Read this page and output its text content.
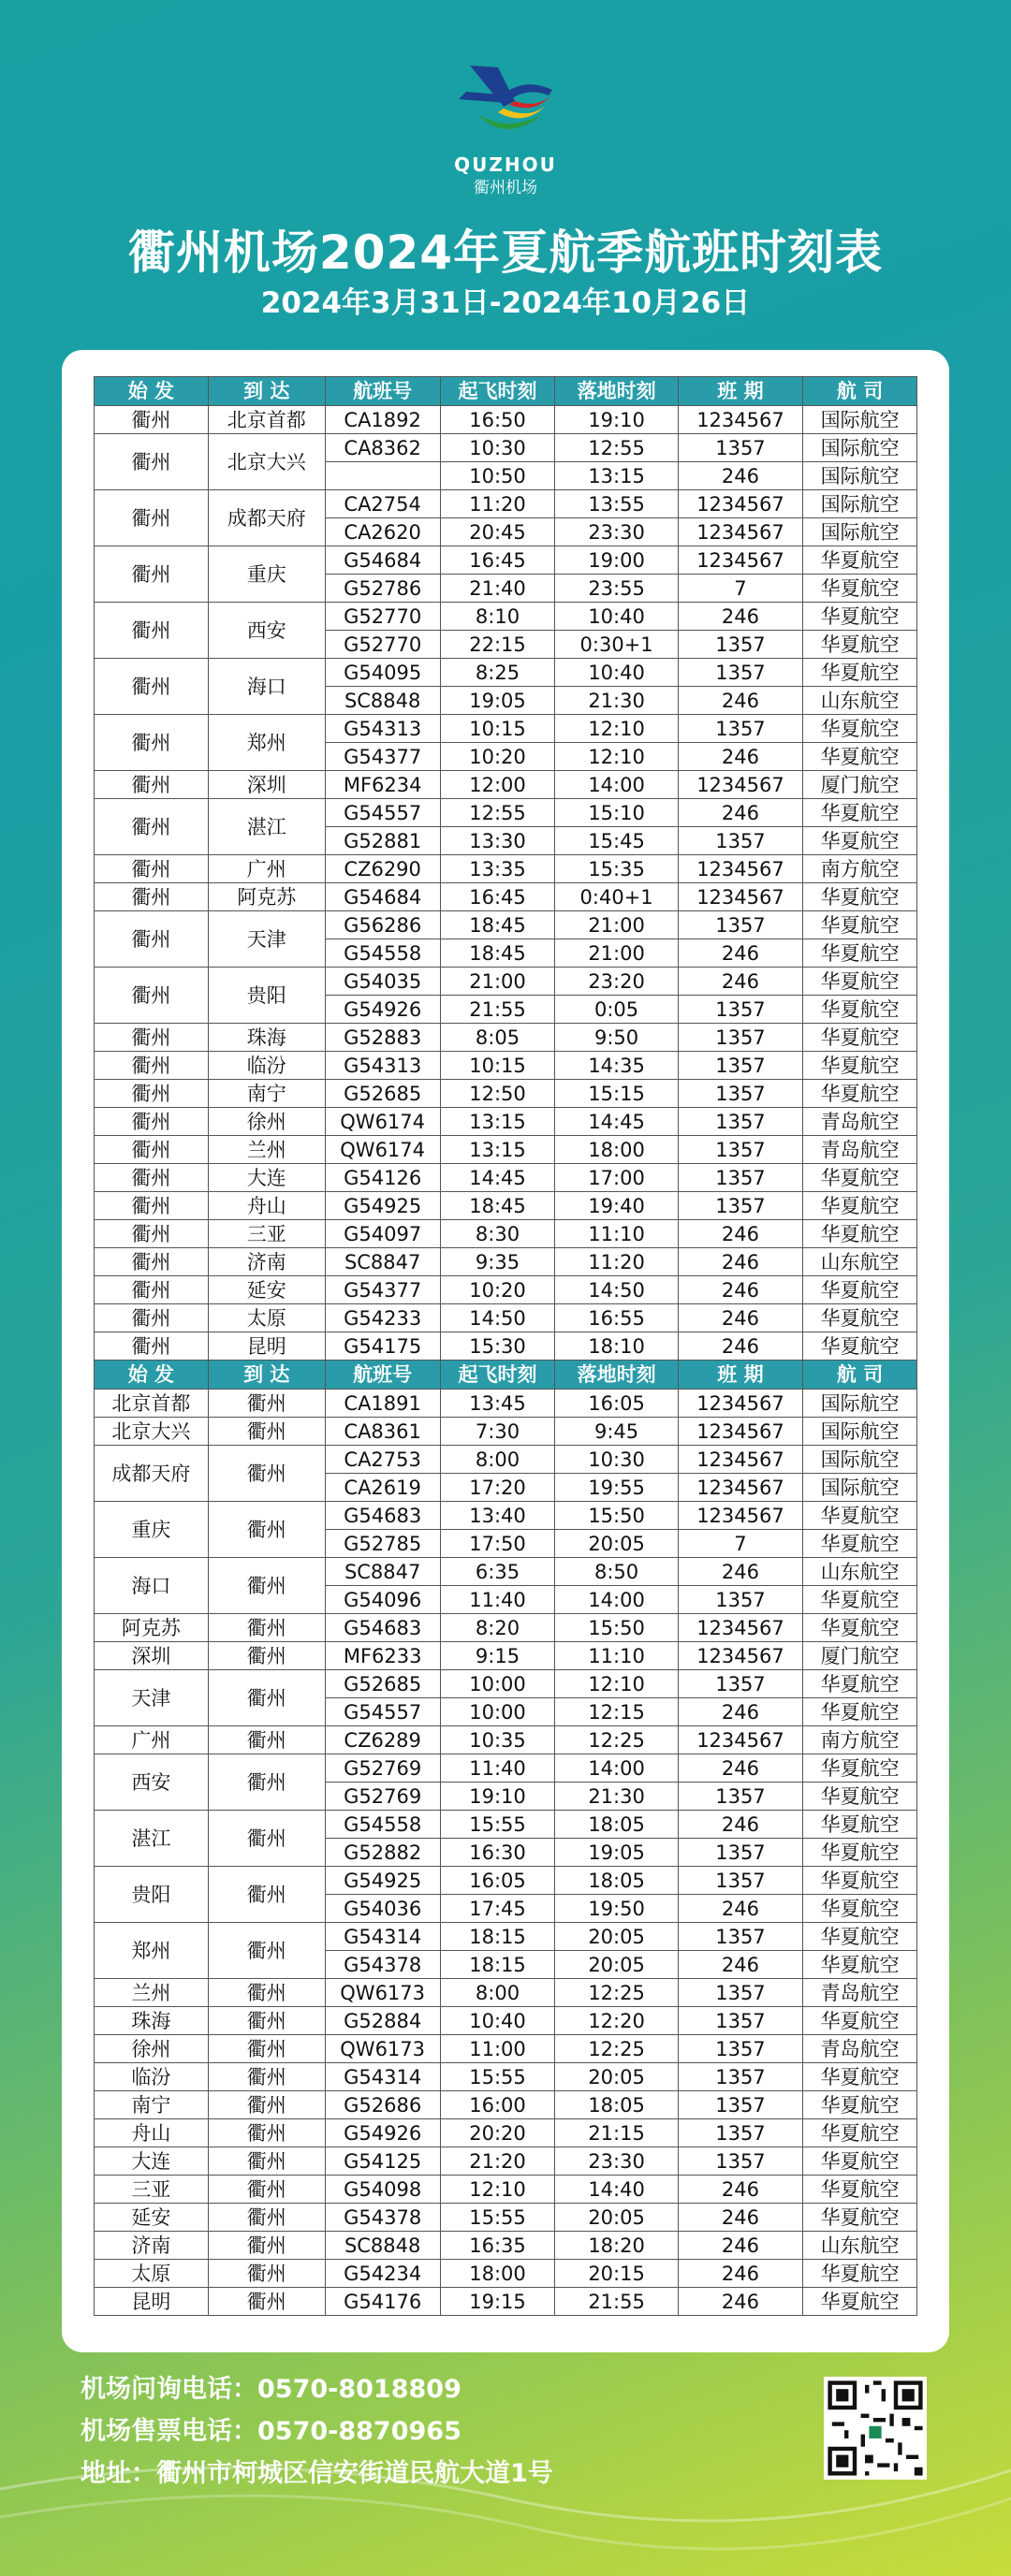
QUZHOU
衢州机场
衢州机场2024年夏航季航班时刻表
2024年3月31日-2024年10月26日
始 发	到 达	航班号	起飞时刻	落地时刻	班 期	航 司
衢州	北京首都	CA1892	16:50	19:10	1234567	国际航空
衢州	北京大兴	CA8362	10:30	12:55	1357	国际航空
			10:50	13:15	246	国际航空
衢州	成都天府	CA2754	11:20	13:55	1234567	国际航空
		CA2620	20:45	23:30	1234567	国际航空
衢州	重庆	G54684	16:45	19:00	1234567	华夏航空
		G52786	21:40	23:55	7	华夏航空
衢州	西安	G52770	8:10	10:40	246	华夏航空
		G52770	22:15	0:30+1	1357	华夏航空
衢州	海口	G54095	8:25	10:40	1357	华夏航空
		SC8848	19:05	21:30	246	山东航空
衢州	郑州	G54313	10:15	12:10	1357	华夏航空
		G54377	10:20	12:10	246	华夏航空
衢州	深圳	MF6234	12:00	14:00	1234567	厦门航空
衢州	湛江	G54557	12:55	15:10	246	华夏航空
		G52881	13:30	15:45	1357	华夏航空
衢州	广州	CZ6290	13:35	15:35	1234567	南方航空
衢州	阿克苏	G54684	16:45	0:40+1	1234567	华夏航空
衢州	天津	G56286	18:45	21:00	1357	华夏航空
		G54558	18:45	21:00	246	华夏航空
衢州	贵阳	G54035	21:00	23:20	246	华夏航空
		G54926	21:55	0:05	1357	华夏航空
衢州	珠海	G52883	8:05	9:50	1357	华夏航空
衢州	临汾	G54313	10:15	14:35	1357	华夏航空
衢州	南宁	G52685	12:50	15:15	1357	华夏航空
衢州	徐州	QW6174	13:15	14:45	1357	青岛航空
衢州	兰州	QW6174	13:15	18:00	1357	青岛航空
衢州	大连	G54126	14:45	17:00	1357	华夏航空
衢州	舟山	G54925	18:45	19:40	1357	华夏航空
衢州	三亚	G54097	8:30	11:10	246	华夏航空
衢州	济南	SC8847	9:35	11:20	246	山东航空
衢州	延安	G54377	10:20	14:50	246	华夏航空
衢州	太原	G54233	14:50	16:55	246	华夏航空
衢州	昆明	G54175	15:30	18:10	246	华夏航空
始 发	到 达	航班号	起飞时刻	落地时刻	班 期	航 司
北京首都	衢州	CA1891	13:45	16:05	1234567	国际航空
北京大兴	衢州	CA8361	7:30	9:45	1234567	国际航空
成都天府	衢州	CA2753	8:00	10:30	1234567	国际航空
		CA2619	17:20	19:55	1234567	国际航空
重庆	衢州	G54683	13:40	15:50	1234567	华夏航空
		G52785	17:50	20:05	7	华夏航空
海口	衢州	SC8847	6:35	8:50	246	山东航空
		G54096	11:40	14:00	1357	华夏航空
阿克苏	衢州	G54683	8:20	15:50	1234567	华夏航空
深圳	衢州	MF6233	9:15	11:10	1234567	厦门航空
天津	衢州	G52685	10:00	12:10	1357	华夏航空
		G54557	10:00	12:15	246	华夏航空
广州	衢州	CZ6289	10:35	12:25	1234567	南方航空
西安	衢州	G52769	11:40	14:00	246	华夏航空
		G52769	19:10	21:30	1357	华夏航空
湛江	衢州	G54558	15:55	18:05	246	华夏航空
		G52882	16:30	19:05	1357	华夏航空
贵阳	衢州	G54925	16:05	18:05	1357	华夏航空
		G54036	17:45	19:50	246	华夏航空
郑州	衢州	G54314	18:15	20:05	1357	华夏航空
		G54378	18:15	20:05	246	华夏航空
兰州	衢州	QW6173	8:00	12:25	1357	青岛航空
珠海	衢州	G52884	10:40	12:20	1357	华夏航空
徐州	衢州	QW6173	11:00	12:25	1357	青岛航空
临汾	衢州	G54314	15:55	20:05	1357	华夏航空
南宁	衢州	G52686	16:00	18:05	1357	华夏航空
舟山	衢州	G54926	20:20	21:15	1357	华夏航空
大连	衢州	G54125	21:20	23:30	1357	华夏航空
三亚	衢州	G54098	12:10	14:40	246	华夏航空
延安	衢州	G54378	15:55	20:05	246	华夏航空
济南	衢州	SC8848	16:35	18:20	246	山东航空
太原	衢州	G54234	18:00	20:15	246	华夏航空
昆明	衢州	G54176	19:15	21:55	246	华夏航空
机场问询电话：0570-8018809
机场售票电话：0570-8870965
地址：衢州市柯城区信安街道民航大道1号
